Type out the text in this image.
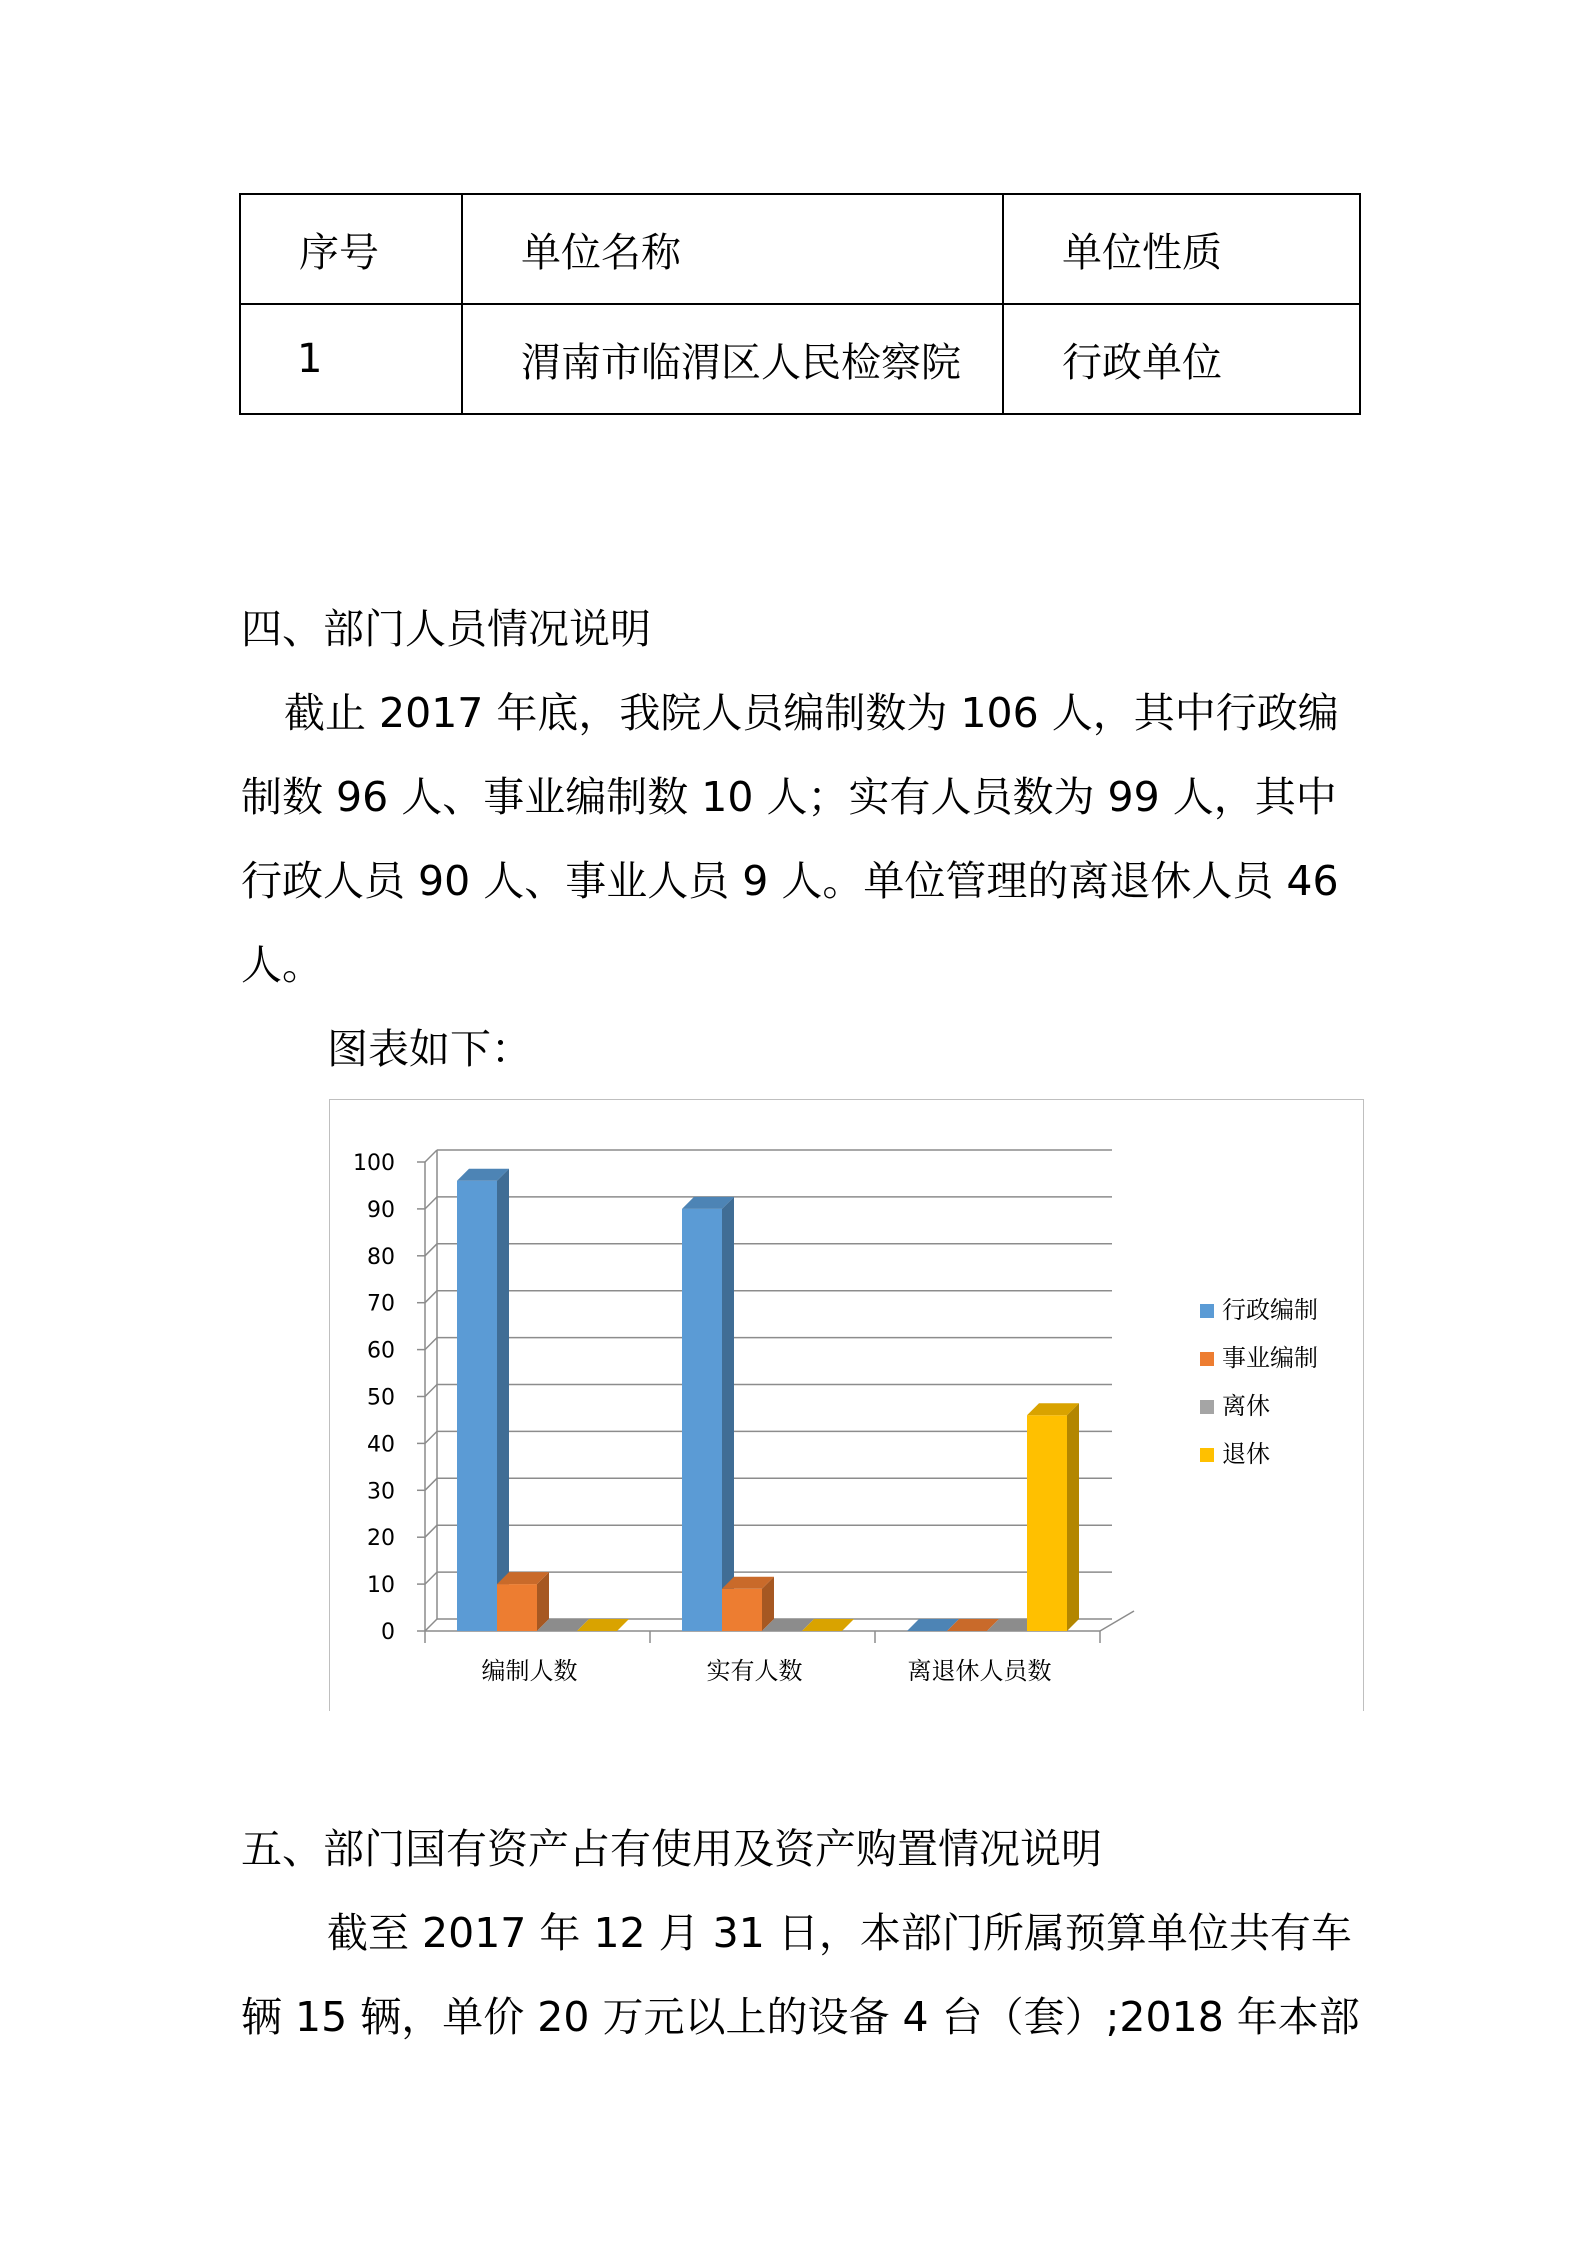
序号	单位名称	单位性质
1	渭南市临渭区人民检察院	行政单位
四、部门人员情况说明
截止 2017 年底，我院人员编制数为 106 人，其中行政编
制数 96 人、事业编制数 10 人；实有人员数为 99 人，其中
行政人员 90 人、事业人员 9 人。单位管理的离退休人员 46
人。
图表如下：
0
10
20
30
40
50
60
70
80
90
100
编制人数	实有人数	离退休人员数
行政编制
事业编制
离休
退休
五、部门国有资产占有使用及资产购置情况说明
截至 2017 年 12 月 31 日，本部门所属预算单位共有车
辆 15 辆，单价 20 万元以上的设备 4 台（套）;2018 年本部
